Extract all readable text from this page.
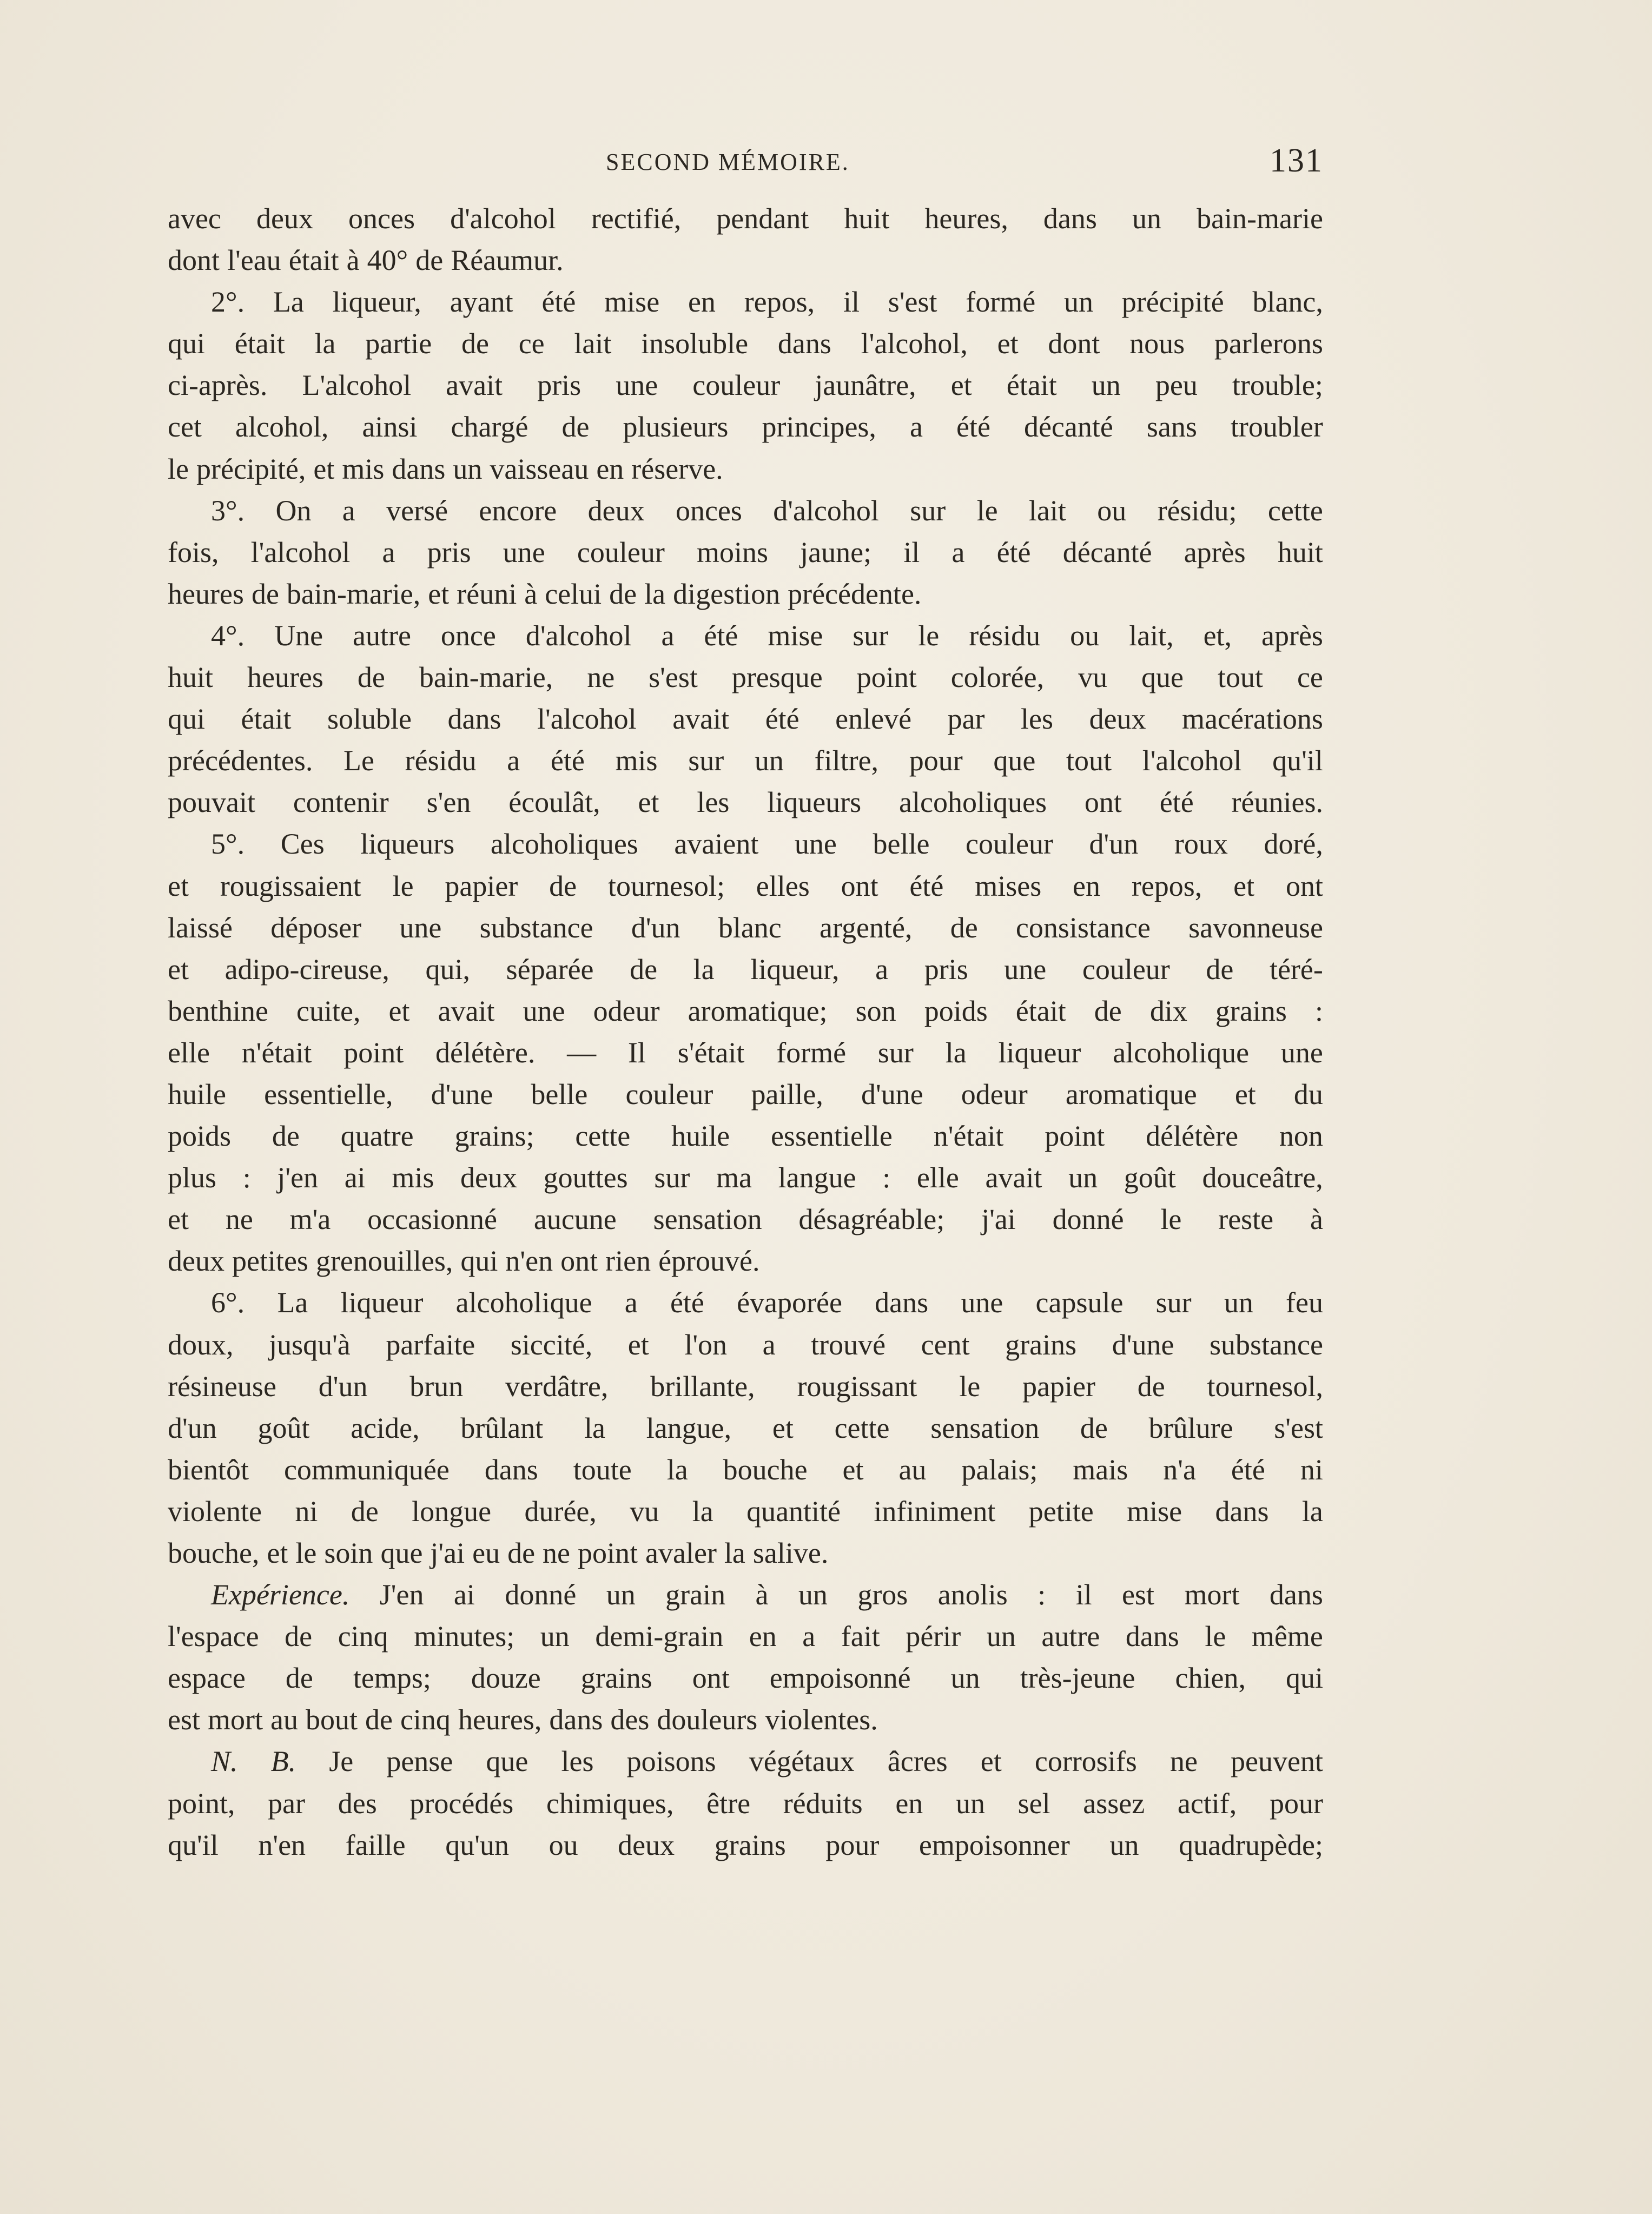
SECOND MÉMOIRE.	131
avec deux onces d'alcohol rectifié, pendant huit heures, dans un bain-marie
dont l'eau était à 40° de Réaumur.
2°. La liqueur, ayant été mise en repos, il s'est formé un précipité blanc,
qui était la partie de ce lait insoluble dans l'alcohol, et dont nous parlerons
ci-après. L'alcohol avait pris une couleur jaunâtre, et était un peu trouble;
cet alcohol, ainsi chargé de plusieurs principes, a été décanté sans troubler
le précipité, et mis dans un vaisseau en réserve.
3°. On a versé encore deux onces d'alcohol sur le lait ou résidu; cette
fois, l'alcohol a pris une couleur moins jaune; il a été décanté après huit
heures de bain-marie, et réuni à celui de la digestion précédente.
4°. Une autre once d'alcohol a été mise sur le résidu ou lait, et, après
huit heures de bain-marie, ne s'est presque point colorée, vu que tout ce
qui était soluble dans l'alcohol avait été enlevé par les deux macérations
précédentes. Le résidu a été mis sur un filtre, pour que tout l'alcohol qu'il
pouvait contenir s'en écoulât, et les liqueurs alcoholiques ont été réunies.
5°. Ces liqueurs alcoholiques avaient une belle couleur d'un roux doré,
et rougissaient le papier de tournesol; elles ont été mises en repos, et ont
laissé déposer une substance d'un blanc argenté, de consistance savonneuse
et adipo-cireuse, qui, séparée de la liqueur, a pris une couleur de téré-
benthine cuite, et avait une odeur aromatique; son poids était de dix grains :
elle n'était point délétère. — Il s'était formé sur la liqueur alcoholique une
huile essentielle, d'une belle couleur paille, d'une odeur aromatique et du
poids de quatre grains; cette huile essentielle n'était point délétère non
plus : j'en ai mis deux gouttes sur ma langue : elle avait un goût douceâtre,
et ne m'a occasionné aucune sensation désagréable; j'ai donné le reste à
deux petites grenouilles, qui n'en ont rien éprouvé.
6°. La liqueur alcoholique a été évaporée dans une capsule sur un feu
doux, jusqu'à parfaite siccité, et l'on a trouvé cent grains d'une substance
résineuse d'un brun verdâtre, brillante, rougissant le papier de tournesol,
d'un goût acide, brûlant la langue, et cette sensation de brûlure s'est
bientôt communiquée dans toute la bouche et au palais; mais n'a été ni
violente ni de longue durée, vu la quantité infiniment petite mise dans la
bouche, et le soin que j'ai eu de ne point avaler la salive.
Expérience. J'en ai donné un grain à un gros anolis : il est mort dans
l'espace de cinq minutes; un demi-grain en a fait périr un autre dans le même
espace de temps; douze grains ont empoisonné un très-jeune chien, qui
est mort au bout de cinq heures, dans des douleurs violentes.
N. B. Je pense que les poisons végétaux âcres et corrosifs ne peuvent
point, par des procédés chimiques, être réduits en un sel assez actif, pour
qu'il n'en faille qu'un ou deux grains pour empoisonner un quadrupède;
